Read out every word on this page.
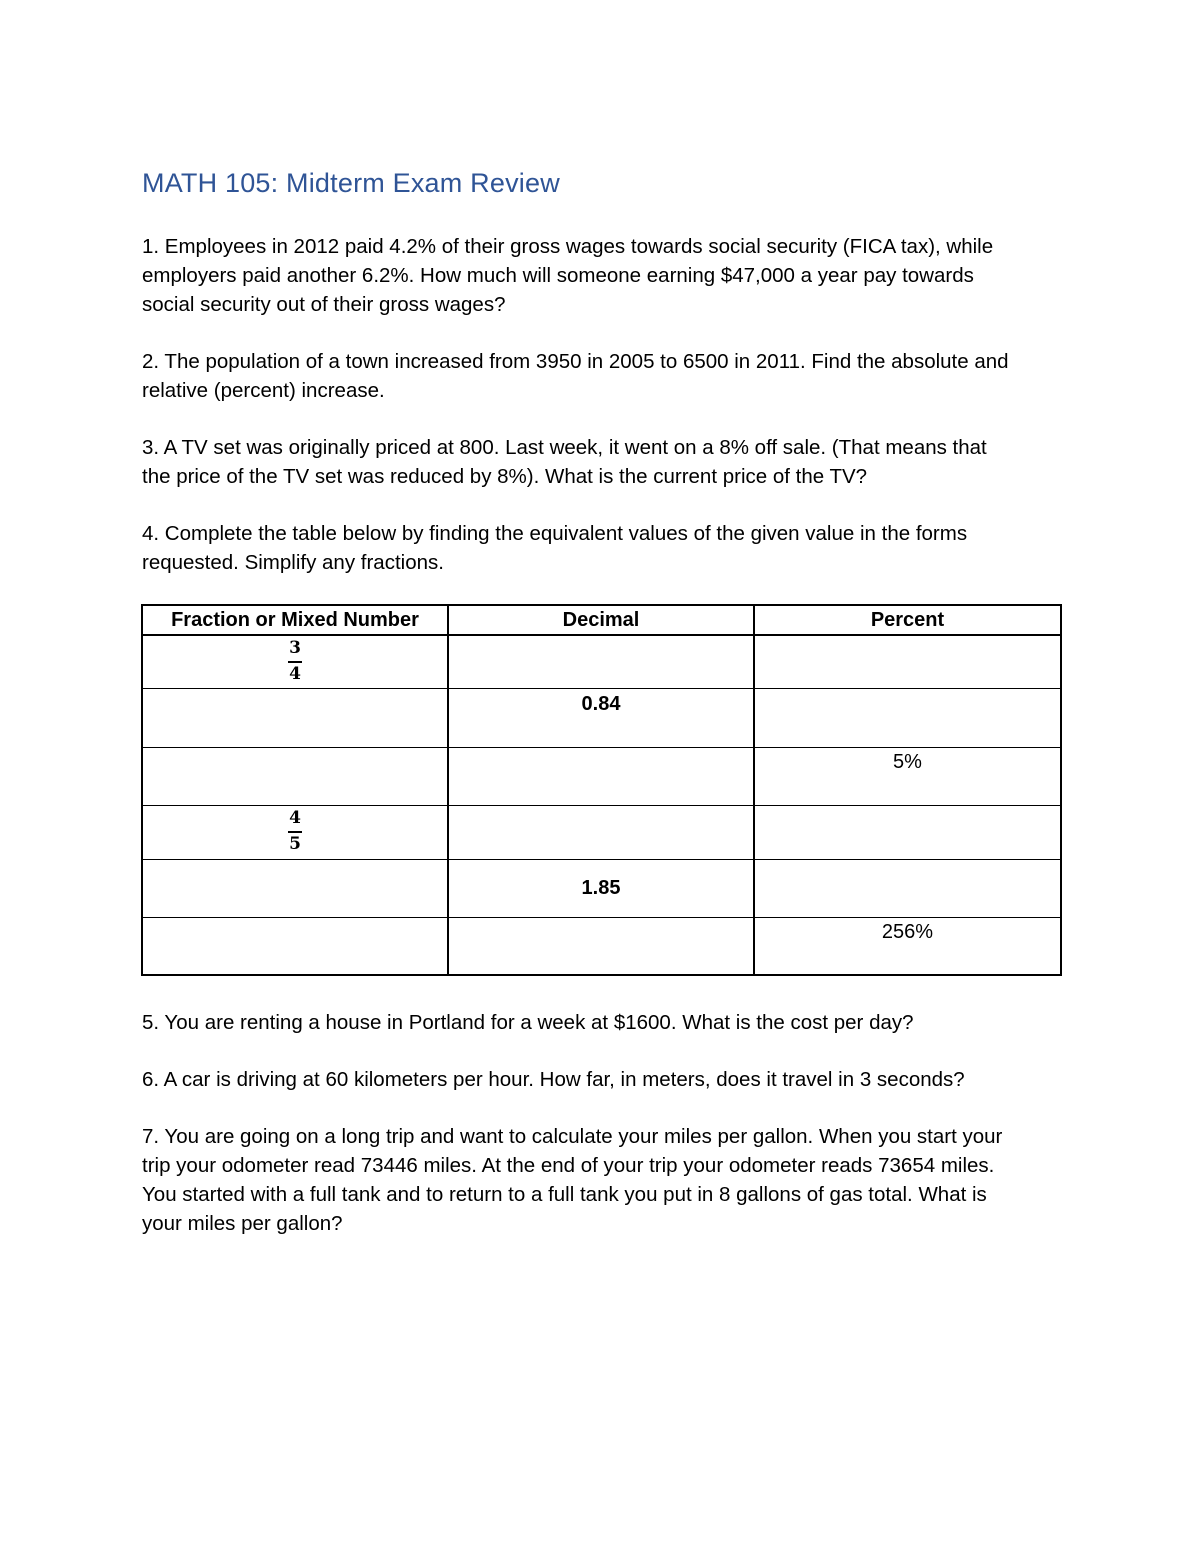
MATH 105: Midterm Exam Review
1. Employees in 2012 paid 4.2% of their gross wages towards social security (FICA tax), while
employers paid another 6.2%. How much will someone earning $47,000 a year pay towards
social security out of their gross wages?
2. The population of a town increased from 3950 in 2005 to 6500 in 2011. Find the absolute and
relative (percent) increase.
3. A TV set was originally priced at 800. Last week, it went on a 8% off sale. (That means that
the price of the TV set was reduced by 8%). What is the current price of the TV?
4. Complete the table below by finding the equivalent values of the given value in the forms
requested. Simplify any fractions.
Fraction or Mixed Number	Decimal	Percent

$\frac{3}{4}$

	0.84	

		5%

$\frac{4}{5}$

	1.85	

		256%
5. You are renting a house in Portland for a week at $1600. What is the cost per day?
6. A car is driving at 60 kilometers per hour. How far, in meters, does it travel in 3 seconds?
7. You are going on a long trip and want to calculate your miles per gallon. When you start your
trip your odometer read 73446 miles. At the end of your trip your odometer reads 73654 miles.
You started with a full tank and to return to a full tank you put in 8 gallons of gas total. What is
your miles per gallon?
